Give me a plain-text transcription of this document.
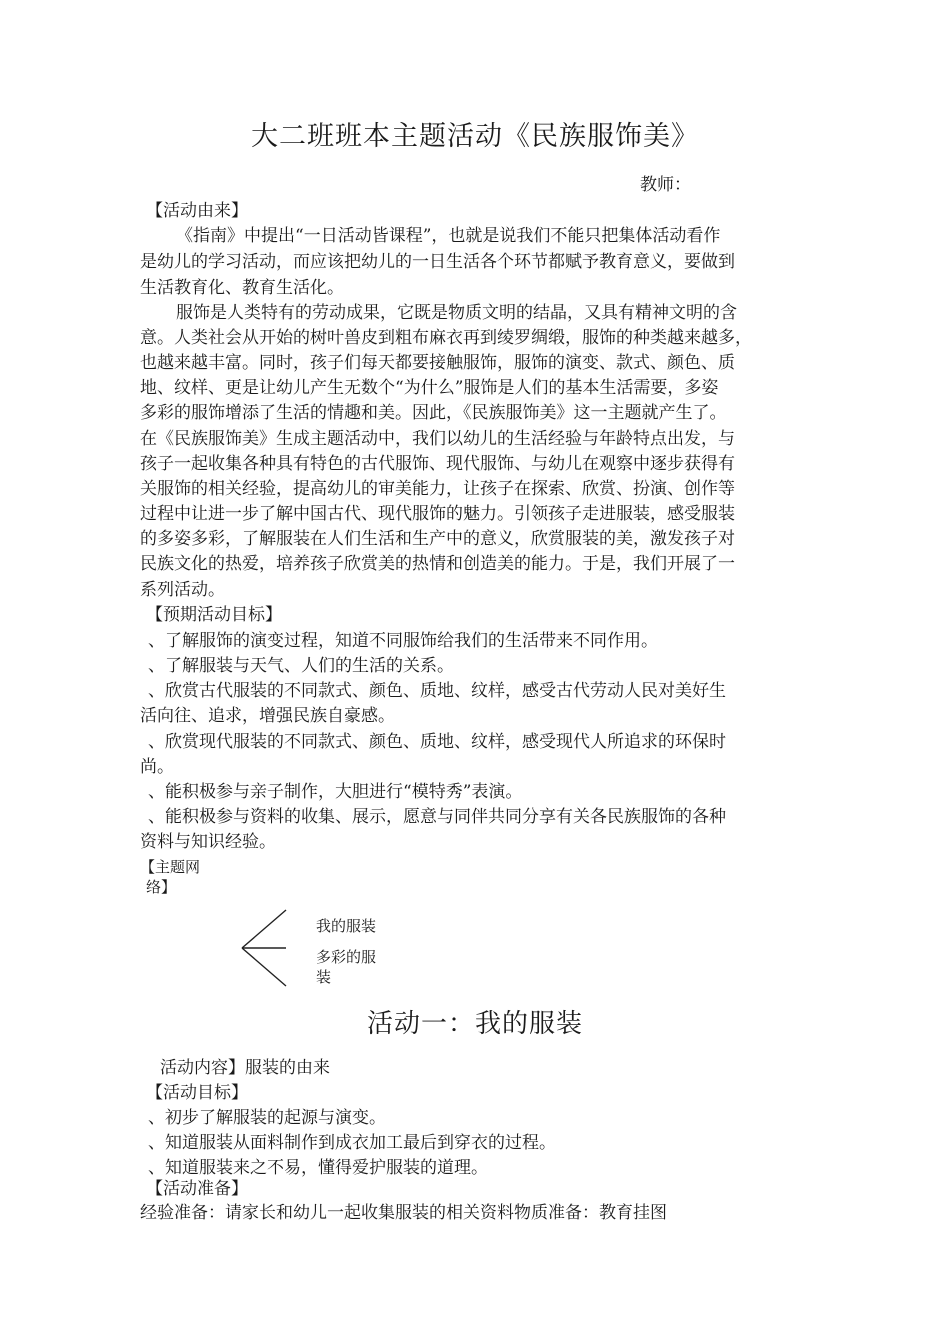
大二班班本主题活动《民族服饰美》
教师：
【活动由来】
《指南》中提出“一日活动皆课程”，也就是说我们不能只把集体活动看作
是幼儿的学习活动，而应该把幼儿的一日生活各个环节都赋予教育意义，要做到
生活教育化、教育生活化。
服饰是人类特有的劳动成果，它既是物质文明的结晶，又具有精神文明的含
意。人类社会从开始的树叶兽皮到粗布麻衣再到绫罗绸缎，服饰的种类越来越多，
也越来越丰富。同时，孩子们每天都要接触服饰，服饰的演变、款式、颜色、质
地、纹样、更是让幼儿产生无数个“为什么”服饰是人们的基本生活需要，多姿
多彩的服饰增添了生活的情趣和美。因此，《民族服饰美》这一主题就产生了。
在《民族服饰美》生成主题活动中，我们以幼儿的生活经验与年龄特点出发，与
孩子一起收集各种具有特色的古代服饰、现代服饰、与幼儿在观察中逐步获得有
关服饰的相关经验，提高幼儿的审美能力，让孩子在探索、欣赏、扮演、创作等
过程中让进一步了解中国古代、现代服饰的魅力。引领孩子走进服装，感受服装
的多姿多彩，了解服装在人们生活和生产中的意义，欣赏服装的美，激发孩子对
民族文化的热爱，培养孩子欣赏美的热情和创造美的能力。于是，我们开展了一
系列活动。
【预期活动目标】
、了解服饰的演变过程，知道不同服饰给我们的生活带来不同作用。
、了解服装与天气、人们的生活的关系。
、欣赏古代服装的不同款式、颜色、质地、纹样，感受古代劳动人民对美好生
活向往、追求，增强民族自豪感。
、欣赏现代服装的不同款式、颜色、质地、纹样，感受现代人所追求的环保时
尚。
、能积极参与亲子制作，大胆进行“模特秀”表演。
、能积极参与资料的收集、展示，愿意与同伴共同分享有关各民族服饰的各种
资料与知识经验。
【主题网
络】
我的服装
多彩的服
装
活动一：我的服装
活动内容】服装的由来
【活动目标】
、初步了解服装的起源与演变。
、知道服装从面料制作到成衣加工最后到穿衣的过程。
、知道服装来之不易，懂得爱护服装的道理。
【活动准备】
经验准备：请家长和幼儿一起收集服装的相关资料物质准备：教育挂图
